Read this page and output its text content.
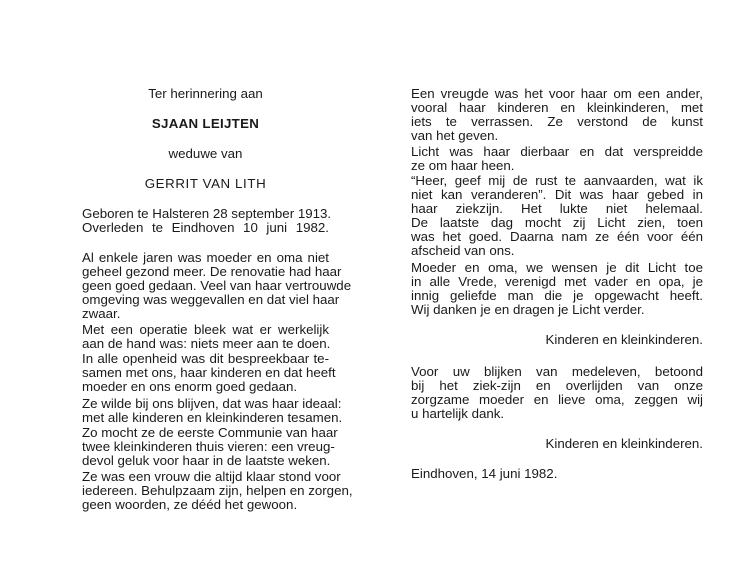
Ter herinnering aan
SJAAN LEIJTEN
weduwe van
GERRIT VAN LITH
Geboren te Halsteren 28 september 1913.
Overleden te Eindhoven 10 juni 1982.
Al enkele jaren was moeder en oma niet
geheel gezond meer. De renovatie had haar
geen goed gedaan. Veel van haar vertrouwde
omgeving was weggevallen en dat viel haar
zwaar.
Met een operatie bleek wat er werkelijk
aan de hand was: niets meer aan te doen.
In alle openheid was dit bespreekbaar te-
samen met ons, haar kinderen en dat heeft
moeder en ons enorm goed gedaan.
Ze wilde bij ons blijven, dat was haar ideaal:
met alle kinderen en kleinkinderen tesamen.
Zo mocht ze de eerste Communie van haar
twee kleinkinderen thuis vieren: een vreug-
devol geluk voor haar in de laatste weken.
Ze was een vrouw die altijd klaar stond voor
iedereen. Behulpzaam zijn, helpen en zorgen,
geen woorden, ze dééd het gewoon.
Een vreugde was het voor haar om een ander,
vooral haar kinderen en kleinkinderen, met
iets te verrassen. Ze verstond de kunst
van het geven.
Licht was haar dierbaar en dat verspreidde
ze om haar heen.
“Heer, geef mij de rust te aanvaarden, wat ik
niet kan veranderen”. Dit was haar gebed in
haar ziekzijn. Het lukte niet helemaal.
De laatste dag mocht zij Licht zien, toen
was het goed. Daarna nam ze één voor één
afscheid van ons.
Moeder en oma, we wensen je dit Licht toe
in alle Vrede, verenigd met vader en opa, je
innig geliefde man die je opgewacht heeft.
Wij danken je en dragen je Licht verder.
Kinderen en kleinkinderen.
Voor uw blijken van medeleven, betoond
bij het ziek-zijn en overlijden van onze
zorgzame moeder en lieve oma, zeggen wij
u hartelijk dank.
Kinderen en kleinkinderen.
Eindhoven, 14 juni 1982.
